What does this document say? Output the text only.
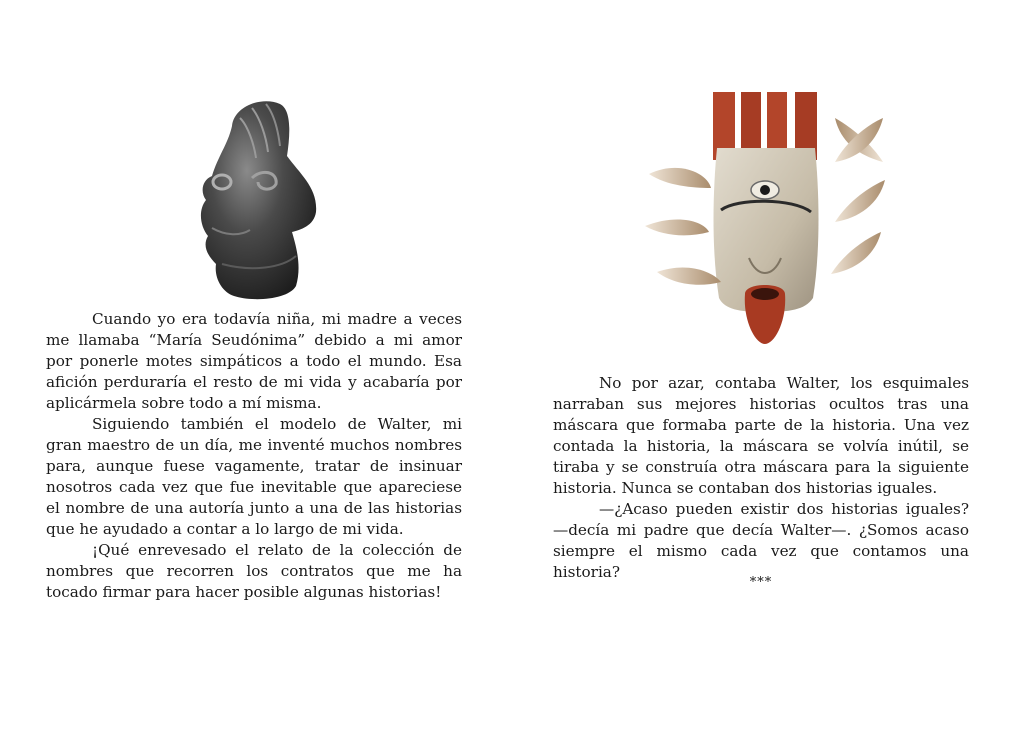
Cuando yo era todavía niña, mi madre a veces me llamaba “María Seudónima” debido a mi amor por ponerle motes simpáticos a todo el mundo. Esa afición perduraría el resto de mi vida y acabaría por aplicármela sobre todo a mí misma.

Siguiendo también el modelo de Walter, mi gran maestro de un día, me inventé muchos nombres para, aunque fuese vagamente, tratar de insinuar nosotros cada vez que fue inevitable que apareciese el nombre de una autoría junto a una de las historias que he ayudado a contar a lo largo de mi vida.

¡Qué enrevesado el relato de la colección de nombres que recorren los contratos que me ha tocado firmar para hacer posible algunas historias!

No por azar, contaba Walter, los esquimales narraban sus mejores historias ocultos tras una máscara que formaba parte de la historia. Una vez contada la historia, la máscara se volvía inútil, se tiraba y se construía otra máscara para la siguiente historia. Nunca se contaban dos historias iguales.

—¿Acaso pueden existir dos historias iguales? —decía mi padre que decía Walter—. ¿Somos acaso siempre el mismo cada vez que contamos una historia?

***
